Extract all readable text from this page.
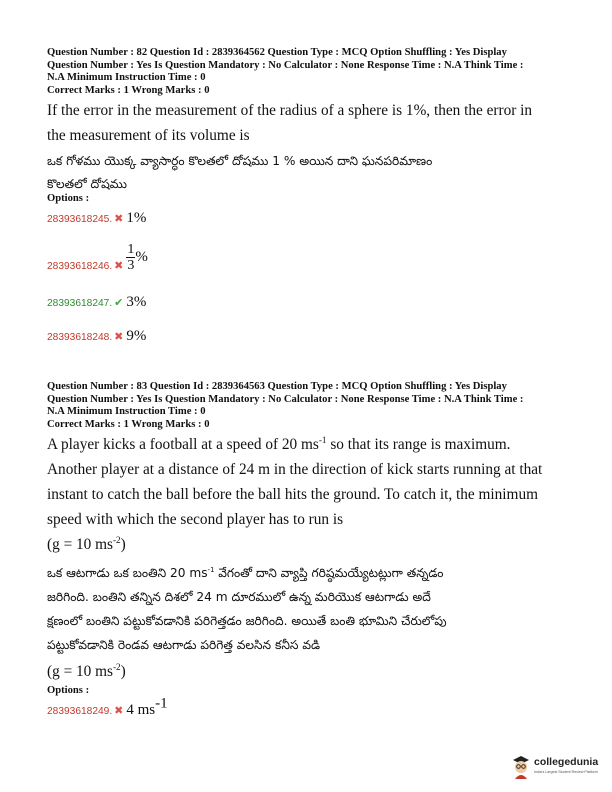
Question Number : 82 Question Id : 2839364562 Question Type : MCQ Option Shuffling : Yes Display
Question Number : Yes Is Question Mandatory : No Calculator : None Response Time : N.A Think Time :
N.A Minimum Instruction Time : 0
Correct Marks : 1 Wrong Marks : 0
If the error in the measurement of the radius of a sphere is 1%, then the error in
the measurement of its volume is
ఒక గోళము యొక్క వ్యాసార్ధం కొలతలో దోషము 1 % అయిన దాని ఘనపరిమాణం
కొలతలో దోషము
Options :
28393618245. ✖ 1%
$_{28393618246.}$ $_✖ \frac{1}{3}$ %
28393618247. ✔ 3%
28393618248. ✖ 9%
Question Number : 83 Question Id : 2839364563 Question Type : MCQ Option Shuffling : Yes Display
Question Number : Yes Is Question Mandatory : No Calculator : None Response Time : N.A Think Time :
N.A Minimum Instruction Time : 0
Correct Marks : 1 Wrong Marks : 0
A player kicks a football at a speed of 20 $ms^{-1}$ so that its range is maximum.
Another player at a distance of 24 m in the direction of kick starts running at that
instant to catch the ball before the ball hits the ground. To catch it, the minimum
speed with which the second player has to run is
(g = 10 $ms^{-2}$)
ఒక ఆటగాడు ఒక బంతిని 20 $ms^{-1}$ వేగంతో దాని వ్యాప్తి గరిష్ఠమయ్యేటట్లుగా తన్నడం
జరిగింది. బంతిని తన్నిన దిశలో 24 m దూరములో ఉన్న మరియొక ఆటగాడు అదే
క్షణంలో బంతిని పట్టుకోవడానికి పరిగెత్తడం జరిగింది. అయితే బంతి భూమిని చేరులోపు
పట్టుకోవడానికి రెండవ ఆటగాడు పరిగెత్త వలసిన కనీస వడి
(g = 10 $ms^{-2}$)
Options :
28393618249. ✖ 4 $ms^{-1}$
collegedunia
India's Largest Student Review Platform
